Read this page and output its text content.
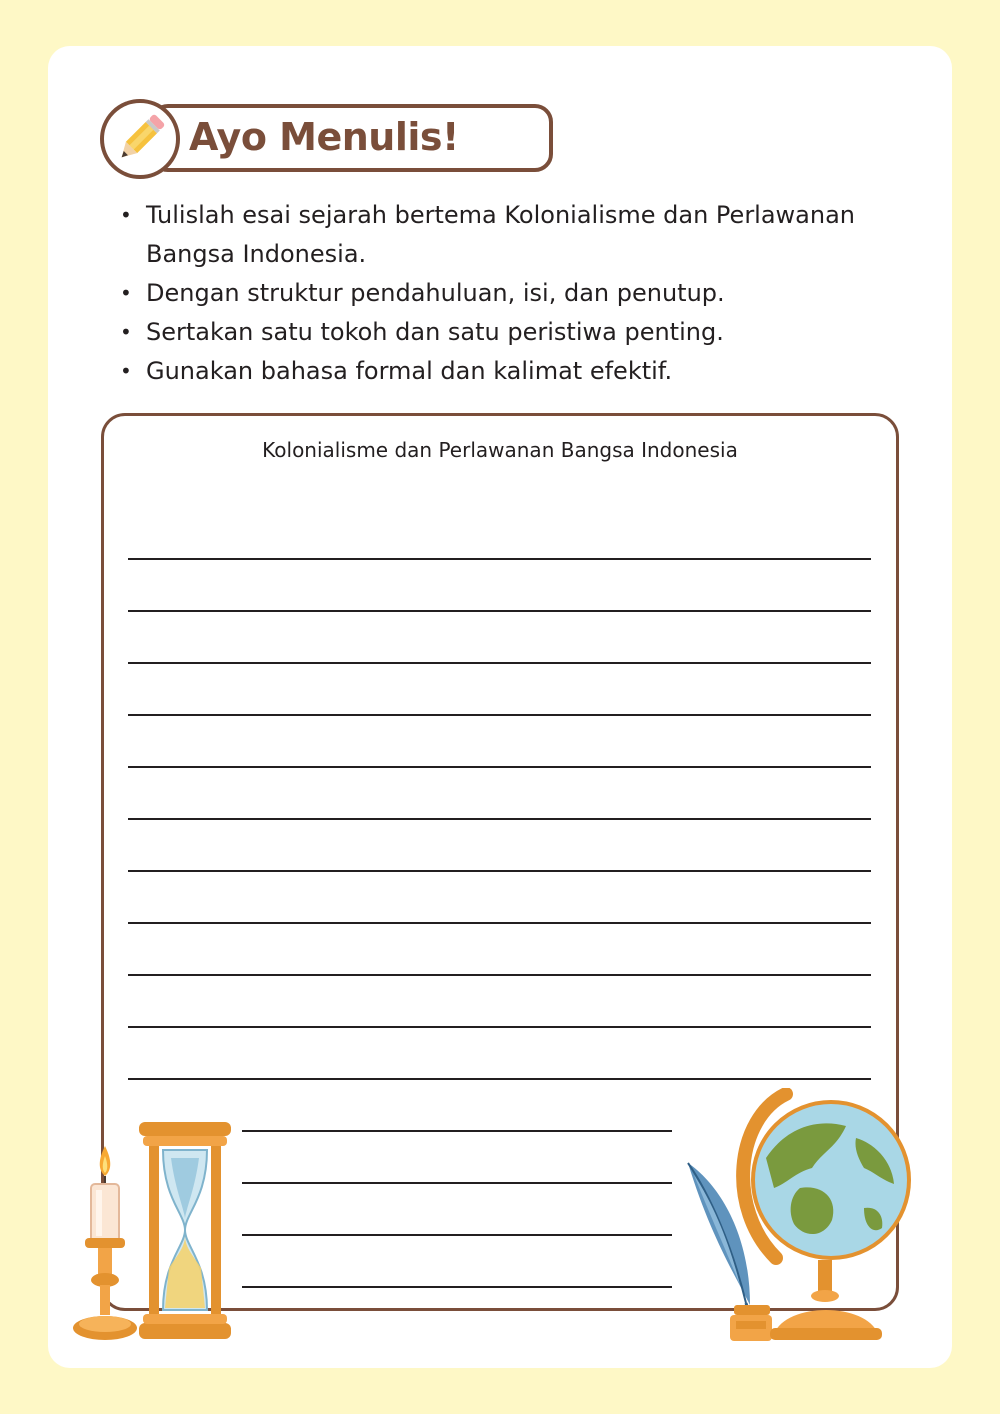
Ayo Menulis!
• Tulislah esai sejarah bertema Kolonialisme dan Perlawanan Bangsa Indonesia.
• Dengan struktur pendahuluan, isi, dan penutup.
• Sertakan satu tokoh dan satu peristiwa penting.
• Gunakan bahasa formal dan kalimat efektif.
Kolonialisme dan Perlawanan Bangsa Indonesia
